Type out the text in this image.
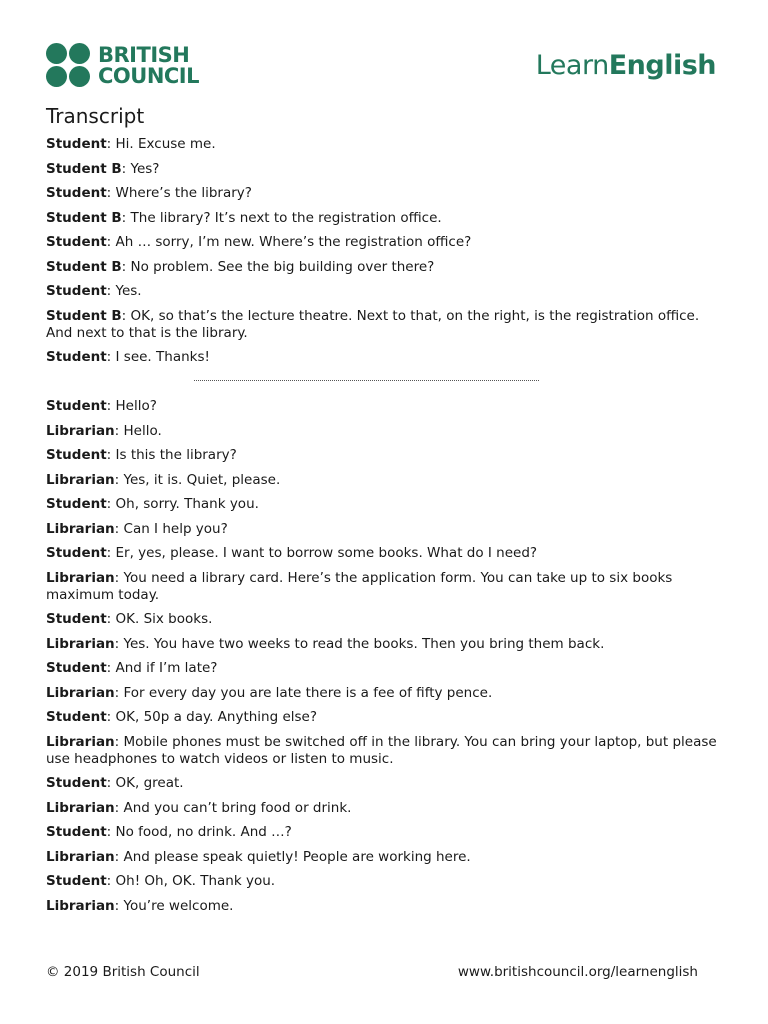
BRITISH
COUNCIL	LearnEnglish
Transcript

Student: Hi. Excuse me.

Student B: Yes?

Student: Where’s the library?

Student B: The library? It’s next to the registration office.

Student: Ah … sorry, I’m new. Where’s the registration office?

Student B: No problem. See the big building over there?

Student: Yes.

Student B: OK, so that’s the lecture theatre. Next to that, on the right, is the registration office. And next to that is the library.

Student: I see. Thanks!

Student: Hello?

Librarian: Hello.

Student: Is this the library?

Librarian: Yes, it is. Quiet, please.

Student: Oh, sorry. Thank you.

Librarian: Can I help you?

Student: Er, yes, please. I want to borrow some books. What do I need?

Librarian: You need a library card. Here’s the application form. You can take up to six books maximum today.

Student: OK. Six books.

Librarian: Yes. You have two weeks to read the books. Then you bring them back.

Student: And if I’m late?

Librarian: For every day you are late there is a fee of fifty pence.

Student: OK, 50p a day. Anything else?

Librarian: Mobile phones must be switched off in the library. You can bring your laptop, but please use headphones to watch videos or listen to music.

Student: OK, great.

Librarian: And you can’t bring food or drink.

Student: No food, no drink. And …?

Librarian: And please speak quietly! People are working here.

Student: Oh! Oh, OK. Thank you.

Librarian: You’re welcome.

© 2019 British Council	www.britishcouncil.org/learnenglish
